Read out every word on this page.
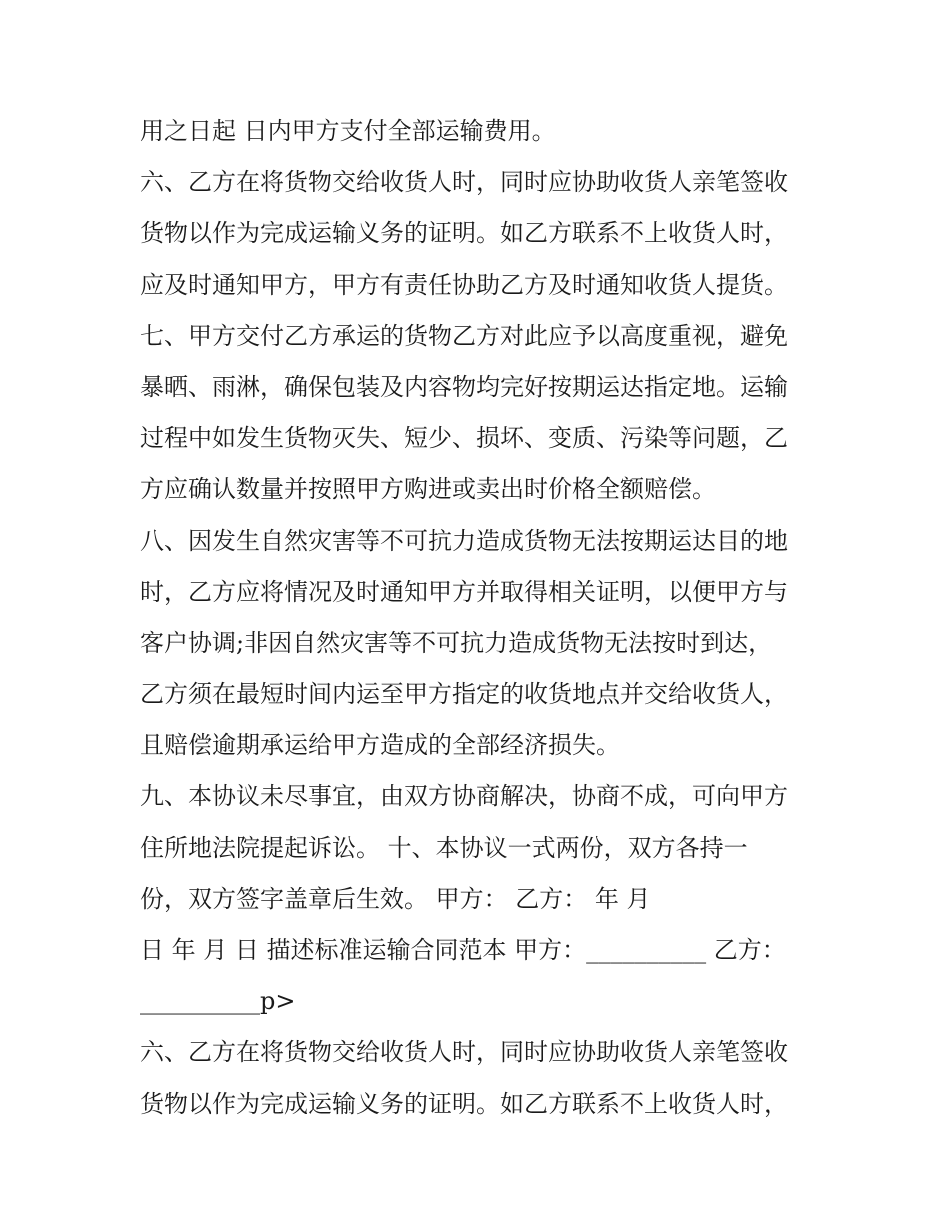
用之日起 日内甲方支付全部运输费用。
六、乙方在将货物交给收货人时，同时应协助收货人亲笔签收
货物以作为完成运输义务的证明。如乙方联系不上收货人时，
应及时通知甲方，甲方有责任协助乙方及时通知收货人提货。
七、甲方交付乙方承运的货物乙方对此应予以高度重视，避免
暴晒、雨淋，确保包装及内容物均完好按期运达指定地。运输
过程中如发生货物灭失、短少、损坏、变质、污染等问题，乙
方应确认数量并按照甲方购进或卖出时价格全额赔偿。
八、因发生自然灾害等不可抗力造成货物无法按期运达目的地
时，乙方应将情况及时通知甲方并取得相关证明，以便甲方与
客户协调;非因自然灾害等不可抗力造成货物无法按时到达，
乙方须在最短时间内运至甲方指定的收货地点并交给收货人，
且赔偿逾期承运给甲方造成的全部经济损失。
九、本协议未尽事宜，由双方协商解决，协商不成，可向甲方
住所地法院提起诉讼。 十、本协议一式两份，双方各持一
份，双方签字盖章后生效。 甲方： 乙方： 年 月
日 年 月 日 描述标准运输合同范本 甲方：__________ 乙方：
__________p>
六、乙方在将货物交给收货人时，同时应协助收货人亲笔签收
货物以作为完成运输义务的证明。如乙方联系不上收货人时，
